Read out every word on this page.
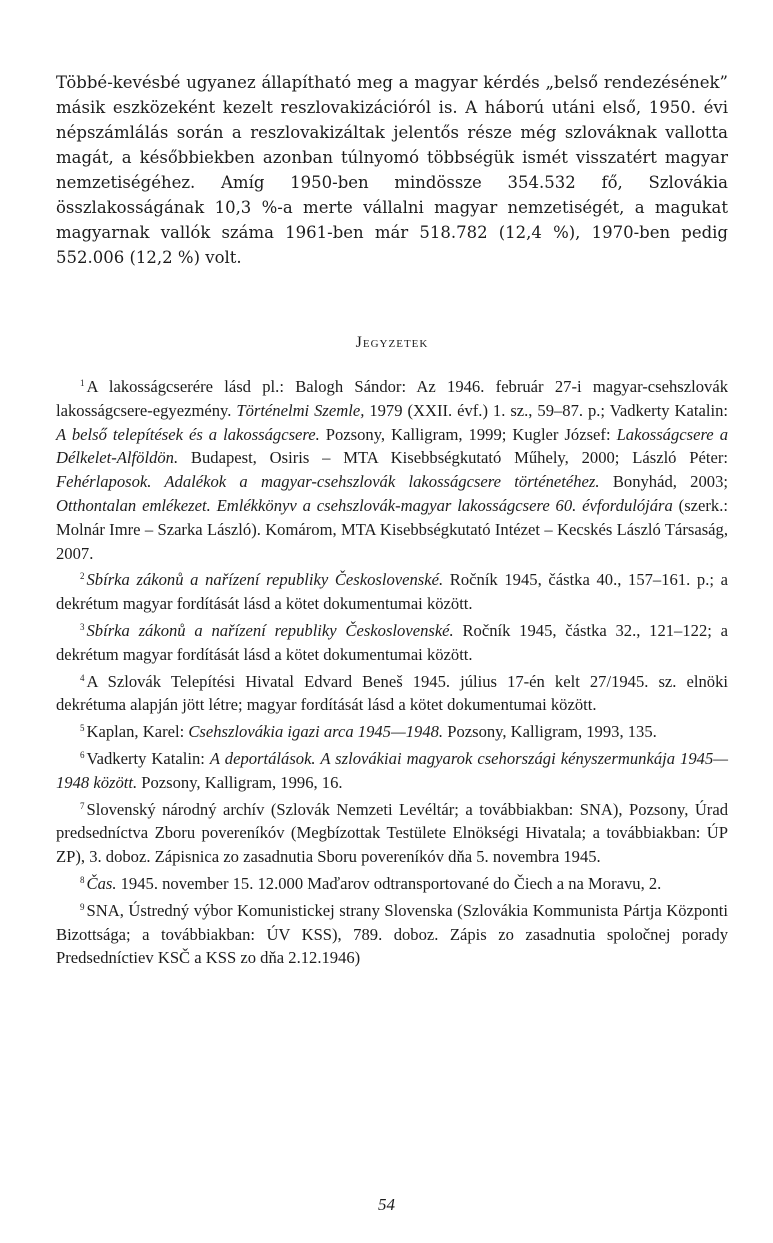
Többé-kevésbé ugyanez állapítható meg a magyar kérdés „belső rendezésének” másik eszközeként kezelt reszlovakizációról is. A háború utáni első, 1950. évi népszámlálás során a reszlovakizáltak jelentős része még szlováknak vallotta magát, a későbbiekben azonban túlnyomó többségük ismét visszatért magyar nemzetiségéhez. Amíg 1950-ben mindössze 354.532 fő, Szlovákia összlakosságának 10,3 %-a merte vállalni magyar nemzetiségét, a magukat magyarnak vallók száma 1961-ben már 518.782 (12,4 %), 1970-ben pedig 552.006 (12,2 %) volt.

Jegyzetek

$^1$ A lakosságcserére lásd pl.: Balogh Sándor: Az 1946. február 27-i magyar-csehszlovák lakosságcsere-egyezmény. Történelmi Szemle, 1979 (XXII. évf.) 1. sz., 59–87. p.; Vadkerty Katalin: A belső telepítések és a lakosságcsere. Pozsony, Kalligram, 1999; Kugler József: Lakosságcsere a Délkelet-Alföldön. Budapest, Osiris – MTA Kisebbségkutató Műhely, 2000; László Péter: Fehérlaposok. Adalékok a magyar-csehszlovák lakosságcsere történetéhez. Bonyhád, 2003; Otthontalan emlékezet. Emlékkönyv a csehszlovák-magyar lakosságcsere 60. évfordulójára (szerk.: Molnár Imre – Szarka László). Komárom, MTA Kisebbségkutató Intézet – Kecskés László Társaság, 2007.

$^2$ Sbírka zákonů a nařízení republiky Československé. Ročník 1945, částka 40., 157–161. p.; a dekrétum magyar fordítását lásd a kötet dokumentumai között.

$^3$ Sbírka zákonů a nařízení republiky Československé. Ročník 1945, částka 32., 121–122; a dekrétum magyar fordítását lásd a kötet dokumentumai között.

$^4$ A Szlovák Telepítési Hivatal Edvard Beneš 1945. július 17-én kelt 27/1945. sz. elnöki dekrétuma alapján jött létre; magyar fordítását lásd a kötet dokumentumai között.

$^5$ Kaplan, Karel: Csehszlovákia igazi arca 1945—1948. Pozsony, Kalligram, 1993, 135.

$^6$ Vadkerty Katalin: A deportálások. A szlovákiai magyarok csehországi kényszermunkája 1945—1948 között. Pozsony, Kalligram, 1996, 16.

$^7$ Slovenský národný archív (Szlovák Nemzeti Levéltár; a továbbiakban: SNA), Pozsony, Úrad predsedníctva Zboru povereníkóv (Megbízottak Testülete Elnökségi Hivatala; a továbbiakban: ÚP ZP), 3. doboz. Zápisnica zo zasadnutia Sboru povereníkóv dňa 5. novembra 1945.

$^8$ Čas. 1945. november 15. 12.000 Maďarov odtransportované do Čiech a na Moravu, 2.

$^9$ SNA, Ústredný výbor Komunistickej strany Slovenska (Szlovákia Kommunista Pártja Központi Bizottsága; a továbbiakban: ÚV KSS), 789. doboz. Zápis zo zasadnutia spoločnej porady Predsedníctiev KSČ a KSS zo dňa 2.12.1946)

54
